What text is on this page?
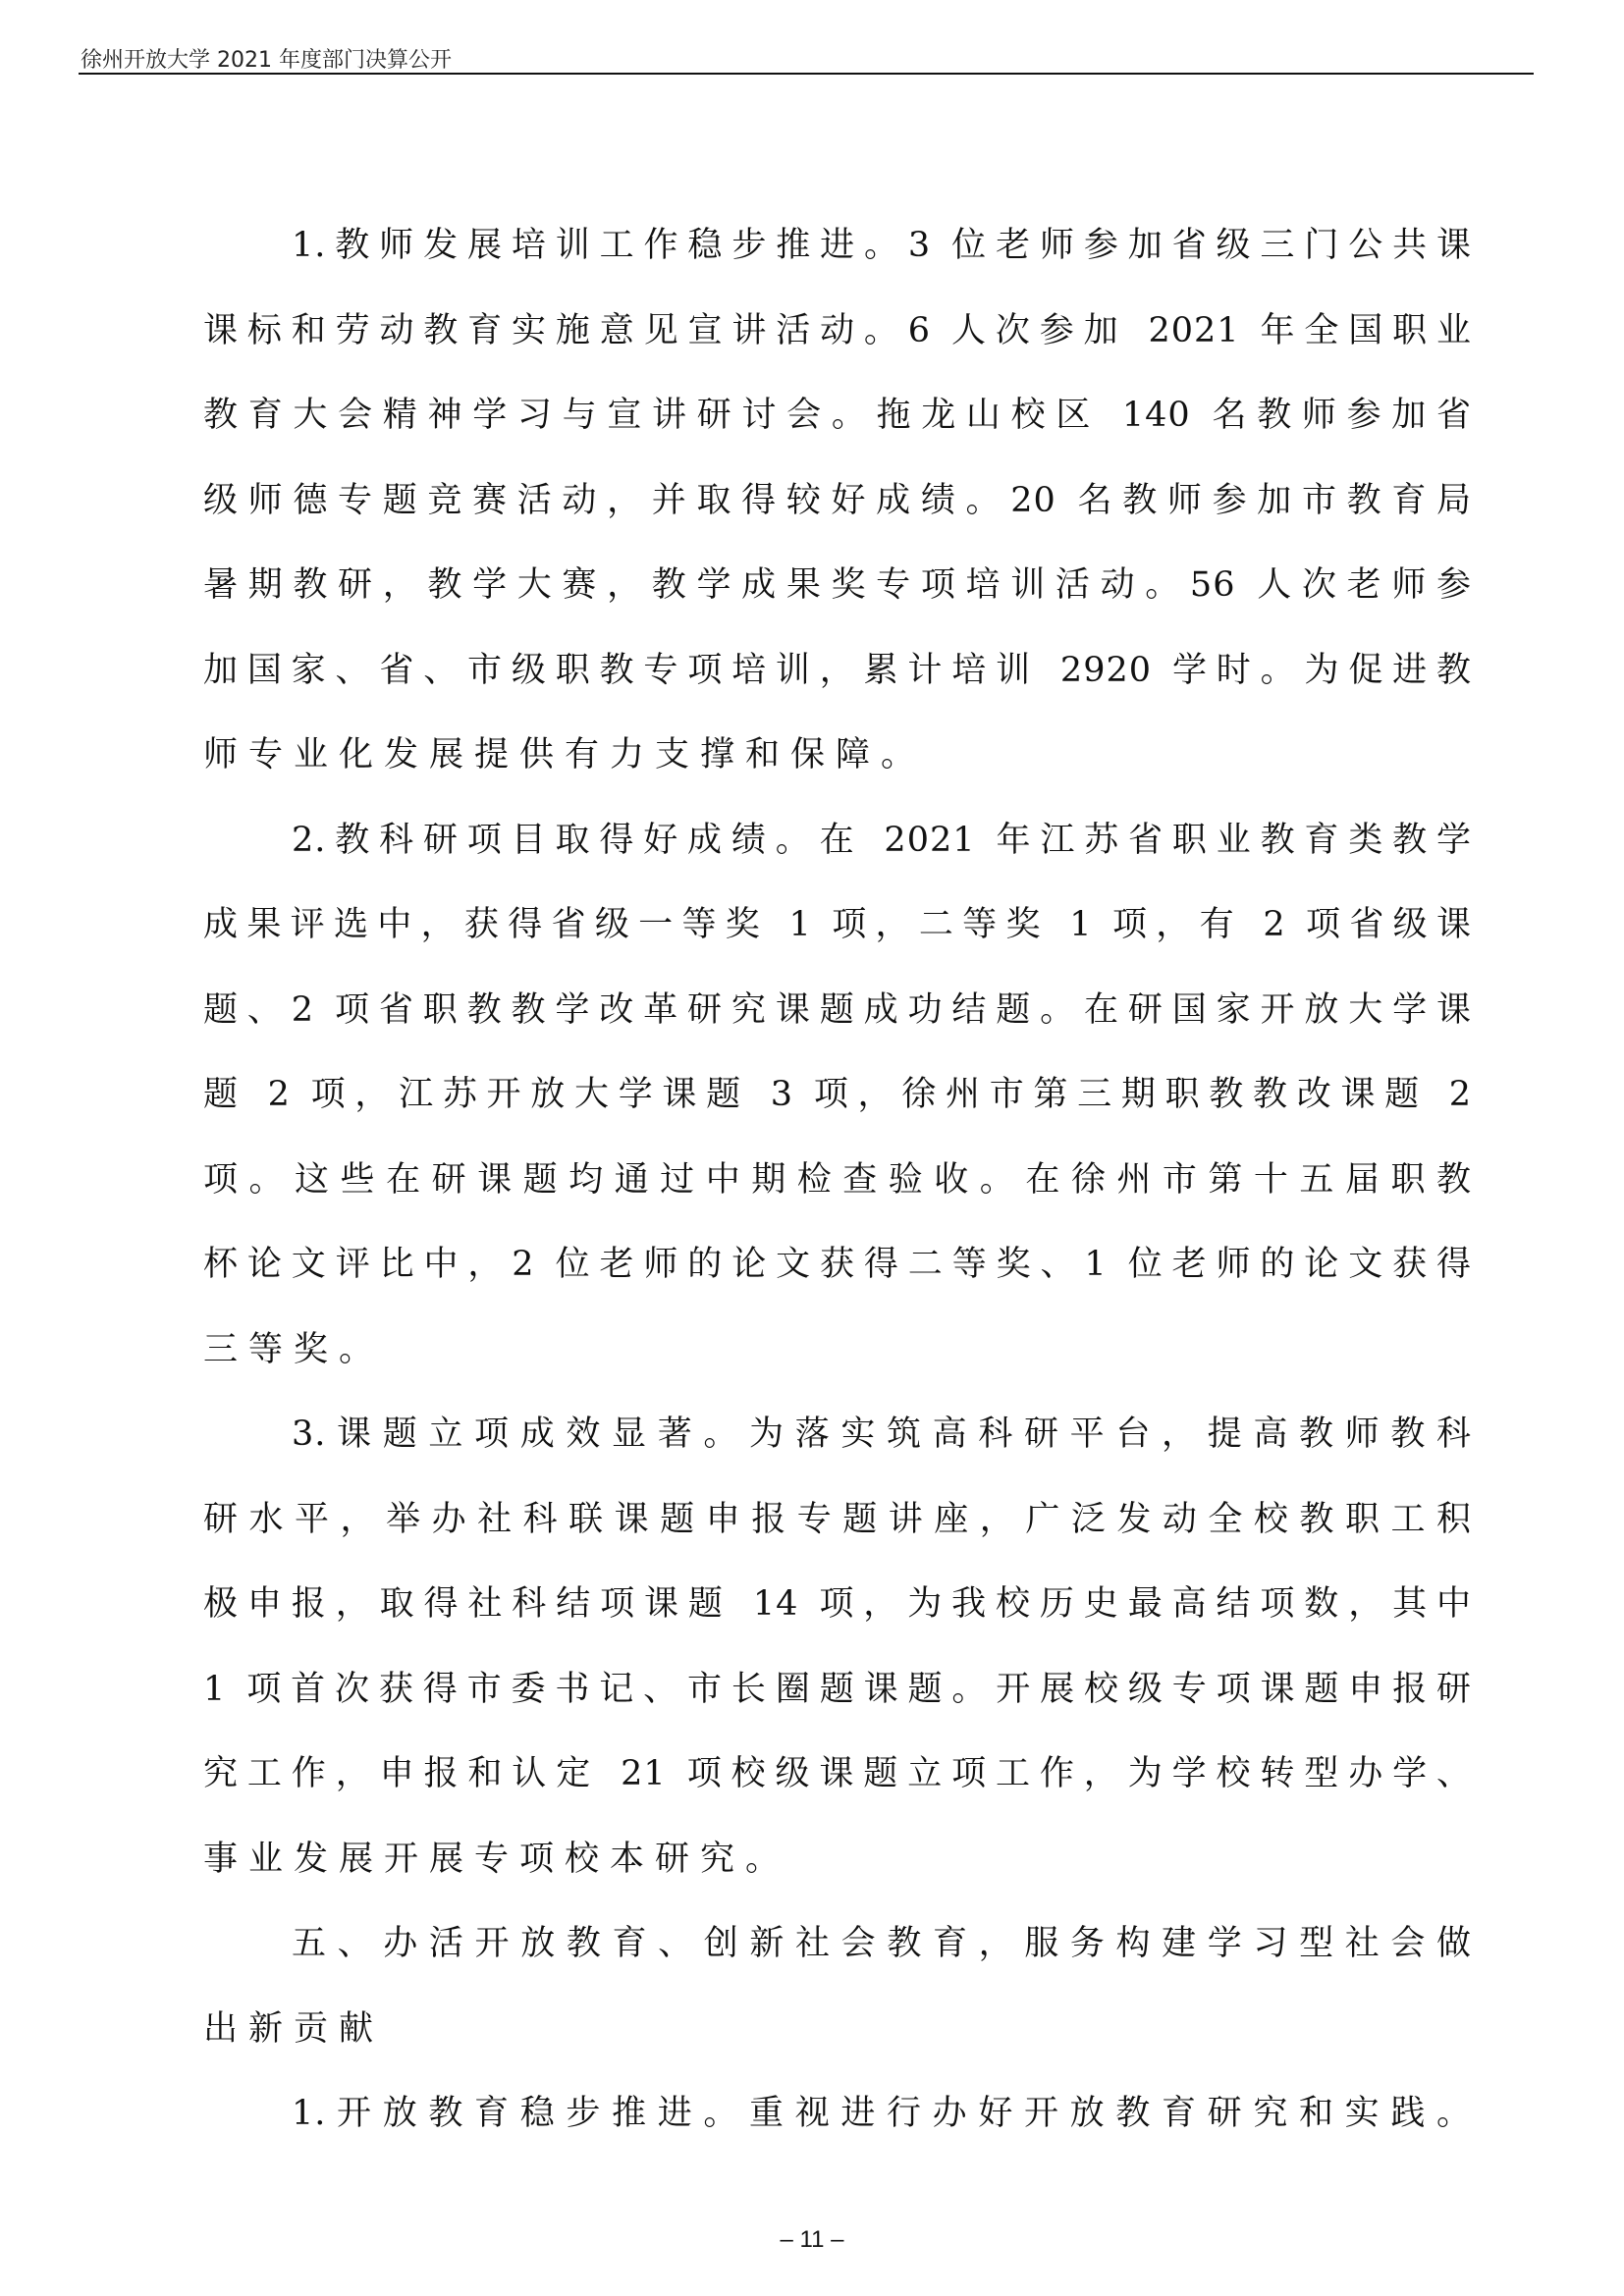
徐州开放大学 2021 年度部门决算公开
1.教师发展培训工作稳步推进。3 位老师参加省级三门公共课
课标和劳动教育实施意见宣讲活动。6 人次参加 2021 年全国职业
教育大会精神学习与宣讲研讨会。拖龙山校区 140 名教师参加省
级师德专题竞赛活动，并取得较好成绩。20 名教师参加市教育局
暑期教研，教学大赛，教学成果奖专项培训活动。56 人次老师参
加国家、省、市级职教专项培训，累计培训 2920 学时。为促进教
师专业化发展提供有力支撑和保障。
2.教科研项目取得好成绩。在 2021 年江苏省职业教育类教学
成果评选中，获得省级一等奖 1 项，二等奖 1 项，有 2 项省级课
题、2 项省职教教学改革研究课题成功结题。在研国家开放大学课
题 2 项，江苏开放大学课题 3 项，徐州市第三期职教教改课题 2
项。这些在研课题均通过中期检查验收。在徐州市第十五届职教
杯论文评比中，2 位老师的论文获得二等奖、1 位老师的论文获得
三等奖。
3.课题立项成效显著。为落实筑高科研平台，提高教师教科
研水平，举办社科联课题申报专题讲座，广泛发动全校教职工积
极申报，取得社科结项课题 14 项，为我校历史最高结项数，其中
1 项首次获得市委书记、市长圈题课题。开展校级专项课题申报研
究工作，申报和认定 21 项校级课题立项工作，为学校转型办学、
事业发展开展专项校本研究。
五、办活开放教育、创新社会教育，服务构建学习型社会做
出新贡献
1.开放教育稳步推进。重视进行办好开放教育研究和实践。
– 11 –
